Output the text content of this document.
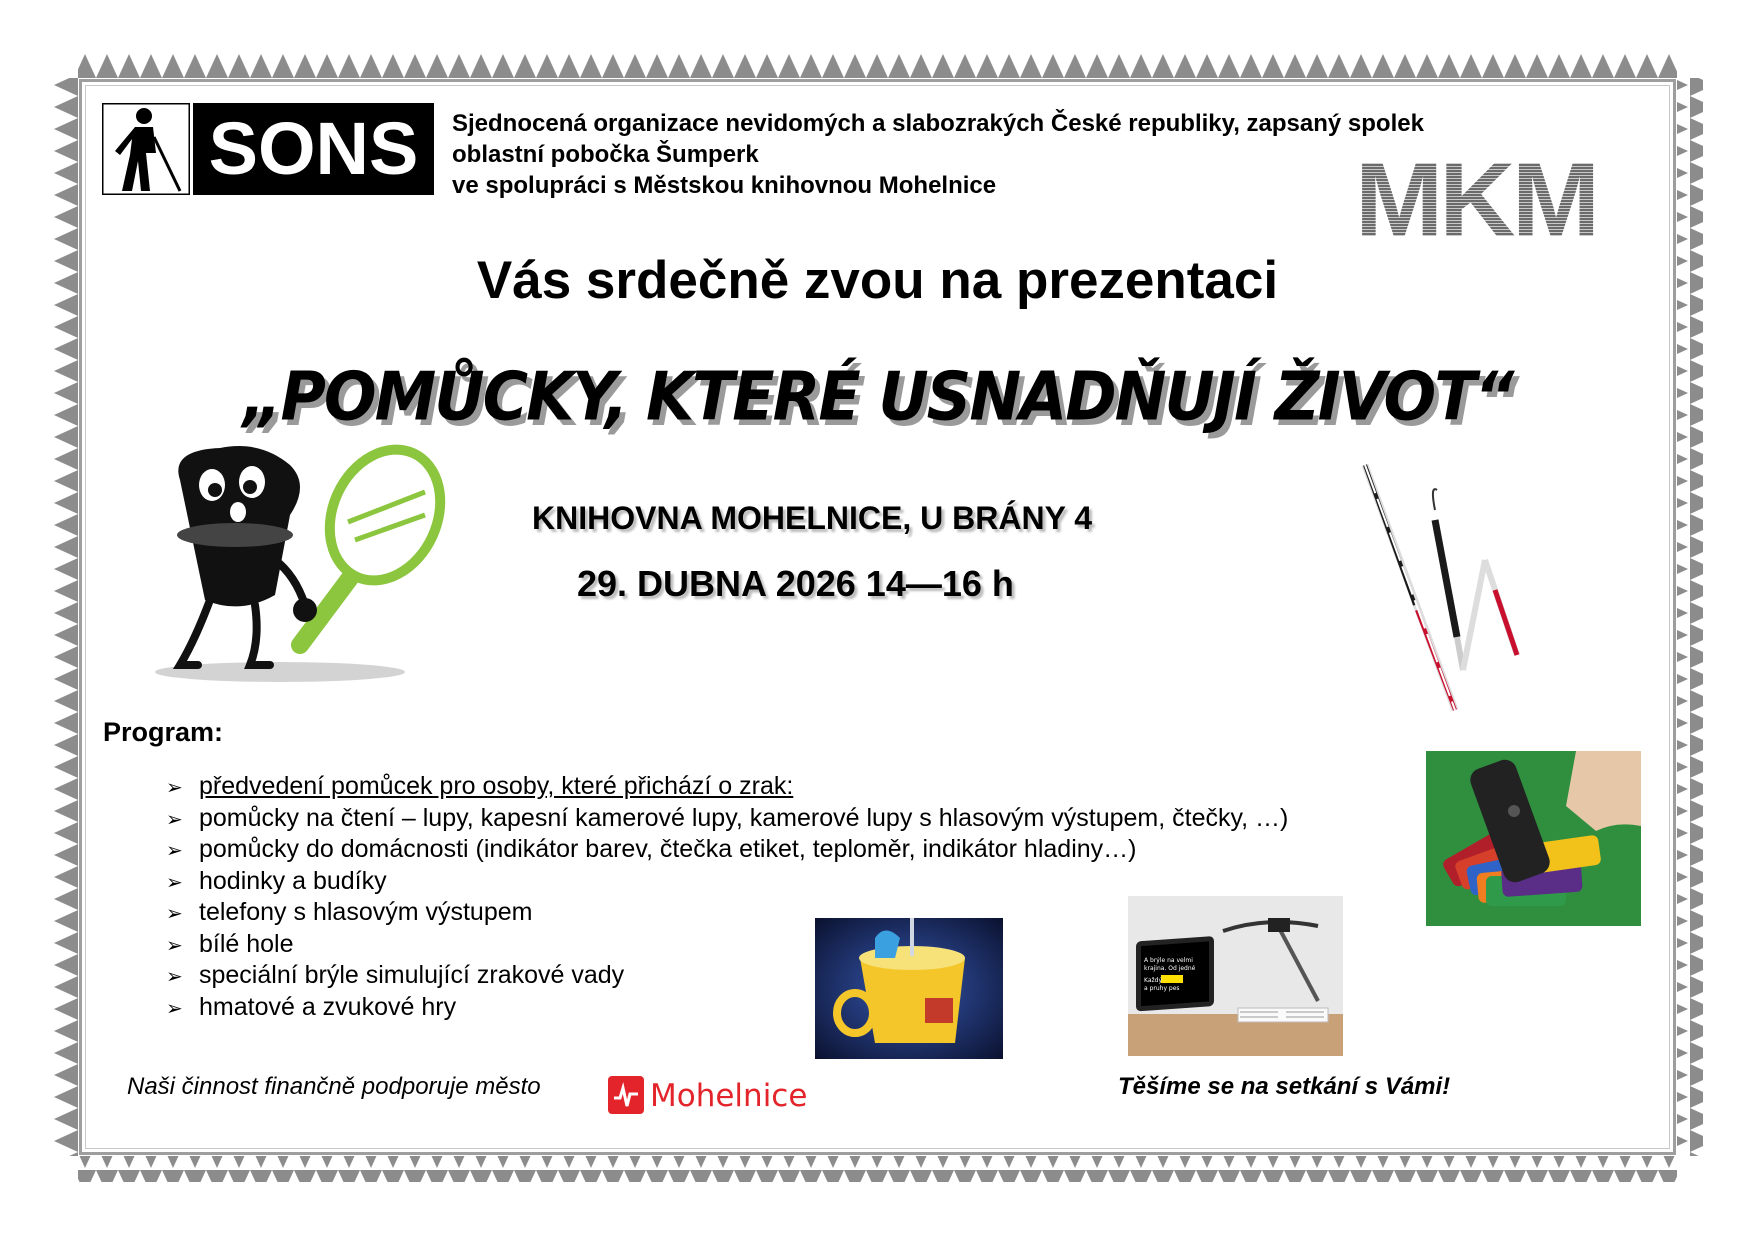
SONS	Sjednocená organizace nevidomých a slabozrakých České republiky, zapsaný spolek
oblastní pobočka Šumperk
ve spolupráci s Městskou knihovnou Mohelnice	MKM
Vás srdečně zvou na prezentaci
„POMŮCKY, KTERÉ USNADŇUJÍ ŽIVOT“
KNIHOVNA MOHELNICE, U BRÁNY 4
29. DUBNA 2026 14—16 h
Program:
➢ předvedení pomůcek pro osoby, které přichází o zrak:
➢ pomůcky na čtení – lupy, kapesní kamerové lupy, kamerové lupy s hlasovým výstupem, čtečky, …)
➢ pomůcky do domácnosti (indikátor barev, čtečka etiket, teploměr, indikátor hladiny…)
➢ hodinky a budíky
➢ telefony s hlasovým výstupem
➢ bílé hole
➢ speciální brýle simulující zrakové vady
➢ hmatové a zvukové hry
A brýle na velmi
krajina. Od jedné
Každý
a pruhy pes
Naši činnost finančně podporuje město	Mohelnice	Těšíme se na setkání s Vámi!
